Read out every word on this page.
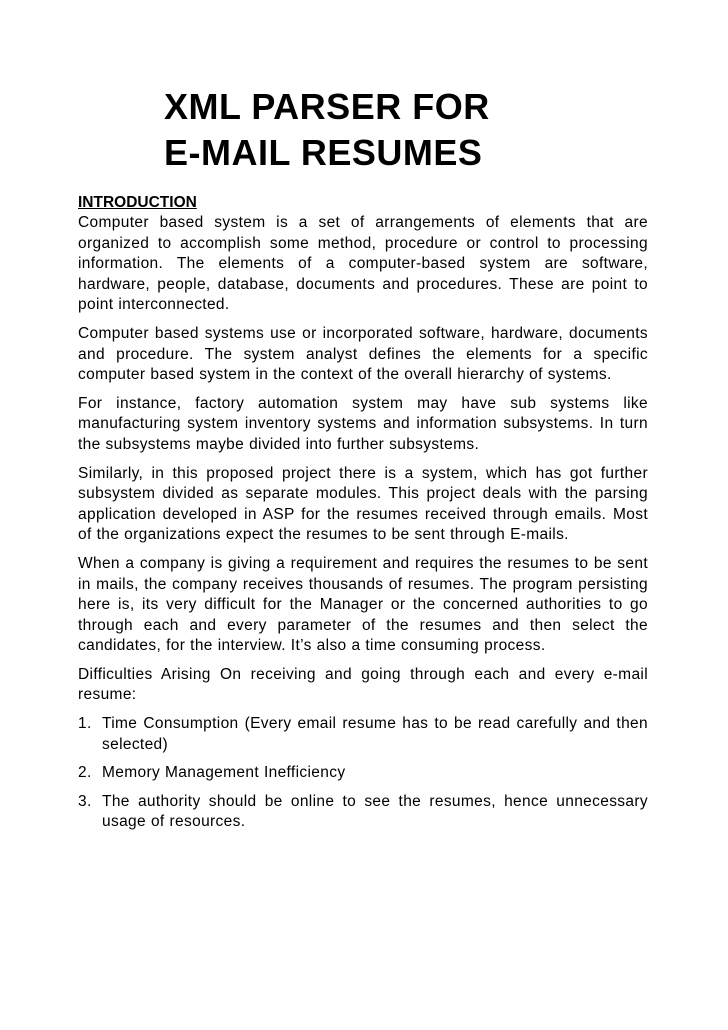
XML PARSER FOR
E-MAIL RESUMES
INTRODUCTION

Computer based system is a set of arrangements of elements that are organized to accomplish some method, procedure or control to processing information. The elements of a computer-based system are software, hardware, people, database, documents and procedures. These are point to point interconnected.

Computer based systems use or incorporated software, hardware, documents and procedure. The system analyst defines the elements for a specific computer based system in the context of the overall hierarchy of systems.

For instance, factory automation system may have sub systems like manufacturing system inventory systems and information subsystems. In turn the subsystems maybe divided into further subsystems.

Similarly, in this proposed project there is a system, which has got further subsystem divided as separate modules. This project deals with the parsing application developed in ASP for the resumes received through emails. Most of the organizations expect the resumes to be sent through E-mails.

When a company is giving a requirement and requires the resumes to be sent in mails, the company receives thousands of resumes. The program persisting here is, its very difficult for the Manager or the concerned authorities to go through each and every parameter of the resumes and then select the candidates, for the interview. It’s also a time consuming process.

Difficulties Arising On receiving and going through each and every e-mail resume:

1. Time Consumption (Every email resume has to be read carefully and then selected)
2. Memory Management Inefficiency
3. The authority should be online to see the resumes, hence unnecessary usage of resources.
